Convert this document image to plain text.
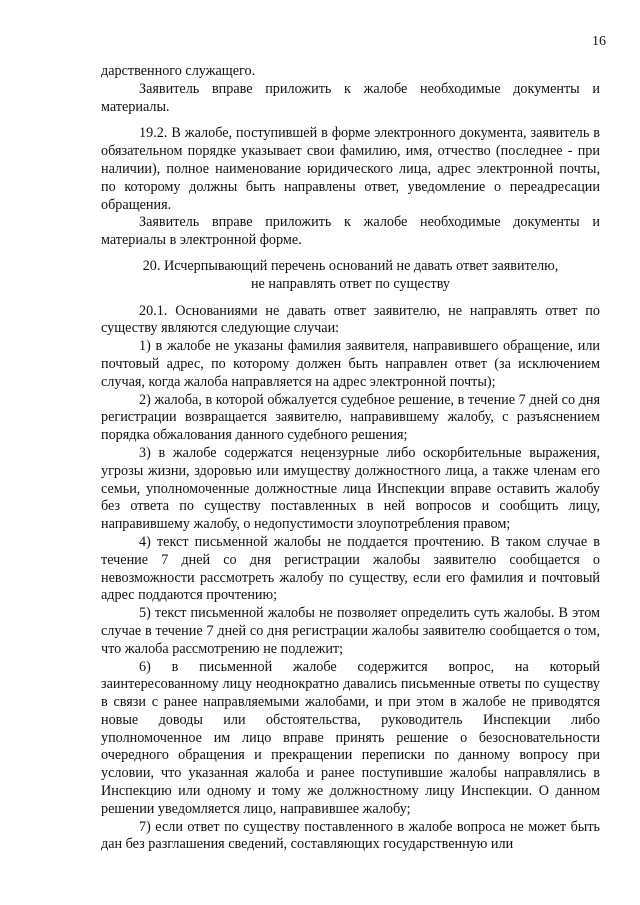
16

дарственного служащего.

Заявитель вправе приложить к жалобе необходимые документы и материалы.

19.2. В жалобе, поступившей в форме электронного документа, заявитель в обязательном порядке указывает свои фамилию, имя, отчество (последнее - при наличии), полное наименование юридического лица, адрес электронной почты, по которому должны быть направлены ответ, уведомление о переадресации обращения.

Заявитель вправе приложить к жалобе необходимые документы и материалы в электронной форме.

20. Исчерпывающий перечень оснований не давать ответ заявителю,
не направлять ответ по существу

20.1. Основаниями не давать ответ заявителю, не направлять ответ по существу являются следующие случаи:

1) в жалобе не указаны фамилия заявителя, направившего обращение, или почтовый адрес, по которому должен быть направлен ответ (за исключением случая, когда жалоба направляется на адрес электронной почты);

2) жалоба, в которой обжалуется судебное решение, в течение 7 дней со дня регистрации возвращается заявителю, направившему жалобу, с разъяснением порядка обжалования данного судебного решения;

3) в жалобе содержатся нецензурные либо оскорбительные выражения, угрозы жизни, здоровью или имуществу должностного лица, а также членам его семьи, уполномоченные должностные лица Инспекции вправе оставить жалобу без ответа по существу поставленных в ней вопросов и сообщить лицу, направившему жалобу, о недопустимости злоупотребления правом;

4) текст письменной жалобы не поддается прочтению. В таком случае в течение 7 дней со дня регистрации жалобы заявителю сообщается о невозможности рассмотреть жалобу по существу, если его фамилия и почтовый адрес поддаются прочтению;

5) текст письменной жалобы не позволяет определить суть жалобы. В этом случае в течение 7 дней со дня регистрации жалобы заявителю сообщается о том, что жалоба рассмотрению не подлежит;

6) в письменной жалобе содержится вопрос, на который заинтересованному лицу неоднократно давались письменные ответы по существу в связи с ранее направляемыми жалобами, и при этом в жалобе не приводятся новые доводы или обстоятельства, руководитель Инспекции либо уполномоченное им лицо вправе принять решение о безосновательности очередного обращения и прекращении переписки по данному вопросу при условии, что указанная жалоба и ранее поступившие жалобы направлялись в Инспекцию или одному и тому же должностному лицу Инспекции. О данном решении уведомляется лицо, направившее жалобу;

7) если ответ по существу поставленного в жалобе вопроса не может быть дан без разглашения сведений, составляющих государственную или
